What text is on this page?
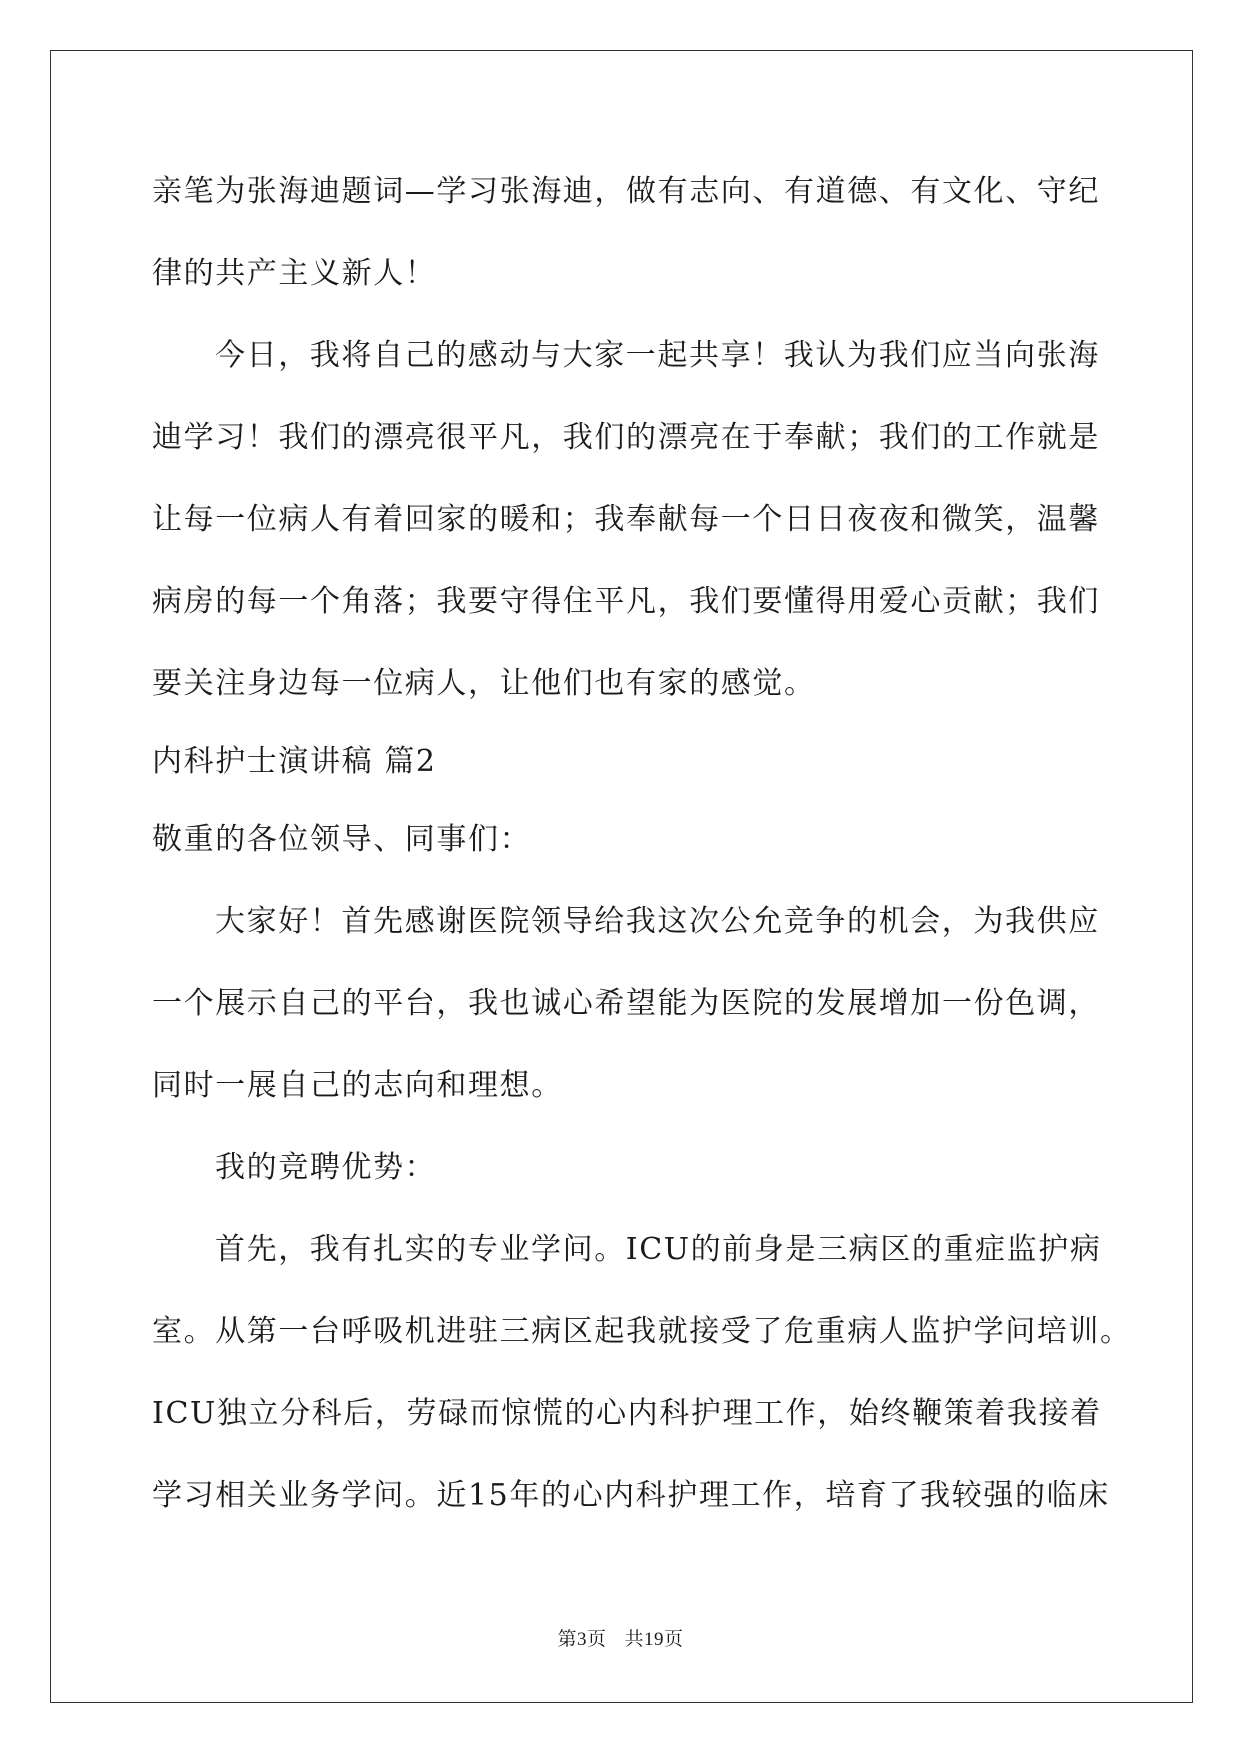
亲笔为张海迪题词—学习张海迪，做有志向、有道德、有文化、守纪
律的共产主义新人！
今日，我将自己的感动与大家一起共享！我认为我们应当向张海
迪学习！我们的漂亮很平凡，我们的漂亮在于奉献；我们的工作就是
让每一位病人有着回家的暖和；我奉献每一个日日夜夜和微笑，温馨
病房的每一个角落；我要守得住平凡，我们要懂得用爱心贡献；我们
要关注身边每一位病人，让他们也有家的感觉。
内科护士演讲稿 篇2
敬重的各位领导、同事们：
大家好！首先感谢医院领导给我这次公允竞争的机会，为我供应
一个展示自己的平台，我也诚心希望能为医院的发展增加一份色调，
同时一展自己的志向和理想。
我的竞聘优势：
首先，我有扎实的专业学问。ICU的前身是三病区的重症监护病
室。从第一台呼吸机进驻三病区起我就接受了危重病人监护学问培训。
ICU独立分科后，劳碌而惊慌的心内科护理工作，始终鞭策着我接着
学习相关业务学问。近15年的心内科护理工作，培育了我较强的临床
第3页 共19页
